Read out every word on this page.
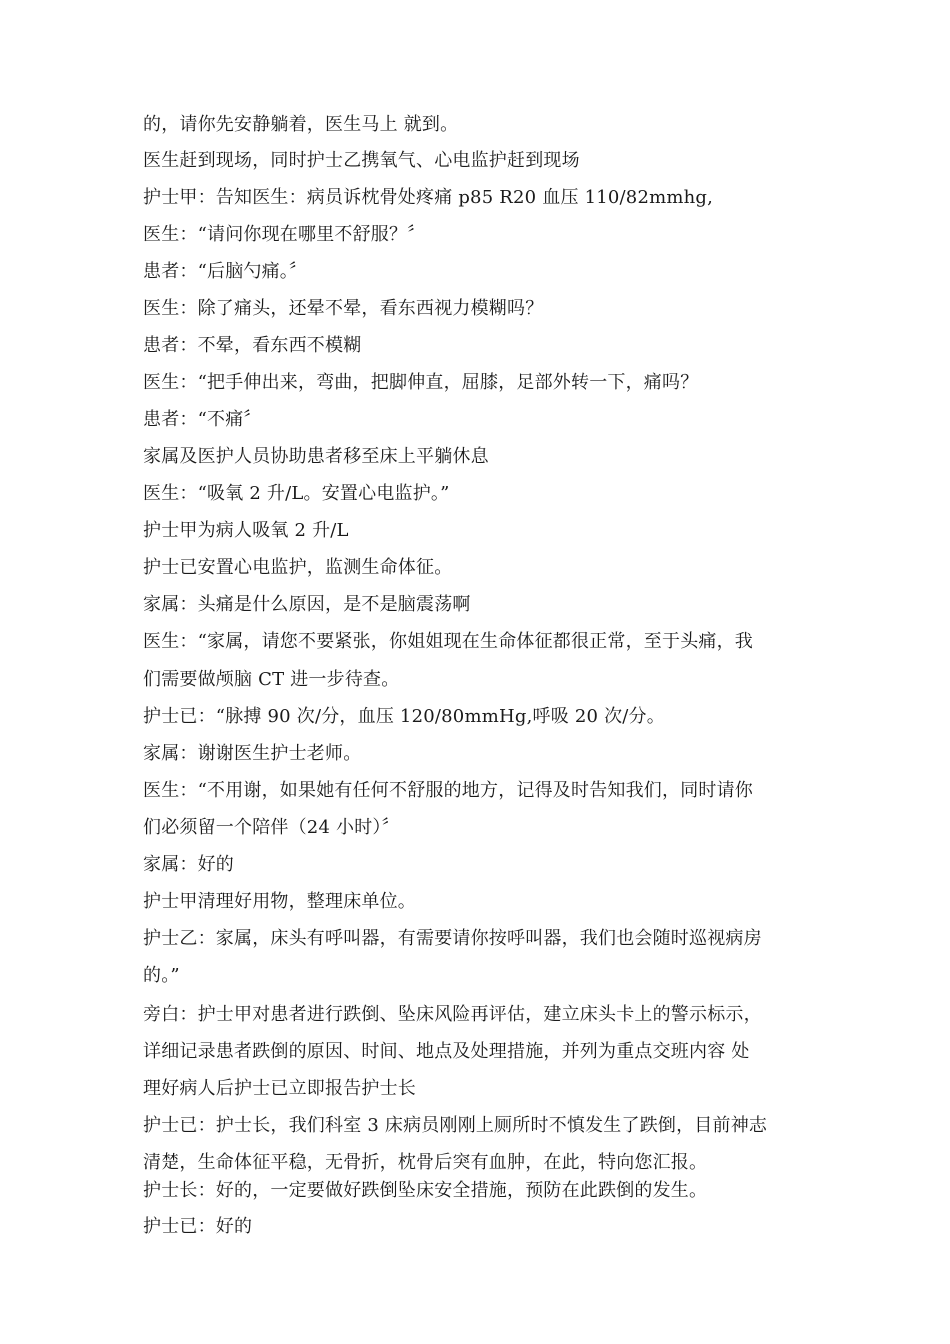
的，请你先安静躺着，医生马上 就到。
医生赶到现场，同时护士乙携氧气、心电监护赶到现场
护士甲：告知医生：病员诉枕骨处疼痛 p85 R20 血压 110/82mmhg,
医生：“请问你现在哪里不舒服？〞
患者：“后脑勺痛。〞
医生：除了痛头，还晕不晕，看东西视力模糊吗？
患者：不晕，看东西不模糊
医生：“把手伸出来，弯曲，把脚伸直，屈膝，足部外转一下，痛吗？
患者：“不痛〞
家属及医护人员协助患者移至床上平躺休息
医生：“吸氧 2 升/L。安置心电监护。”
护士甲为病人吸氧 2 升/L
护士已安置心电监护，监测生命体征。
家属：头痛是什么原因，是不是脑震荡啊
医生：“家属，请您不要紧张，你姐姐现在生命体征都很正常，至于头痛，我
们需要做颅脑 CT 进一步待查。
护士已：“脉搏 90 次/分，血压 120/80mmHg,呼吸 20 次/分。
家属：谢谢医生护士老师。
医生：“不用谢，如果她有任何不舒服的地方，记得及时告知我们，同时请你
们必须留一个陪伴（24 小时）〞
家属：好的
护士甲清理好用物，整理床单位。
护士乙：家属，床头有呼叫器，有需要请你按呼叫器，我们也会随时巡视病房
的。”
旁白：护士甲对患者进行跌倒、坠床风险再评估，建立床头卡上的警示标示，
详细记录患者跌倒的原因、时间、地点及处理措施，并列为重点交班内容 处
理好病人后护士已立即报告护士长
护士已：护士长，我们科室 3 床病员刚刚上厕所时不慎发生了跌倒，目前神志
清楚，生命体征平稳，无骨折，枕骨后突有血肿，在此，特向您汇报。
护士长：好的，一定要做好跌倒坠床安全措施，预防在此跌倒的发生。
护士已：好的
